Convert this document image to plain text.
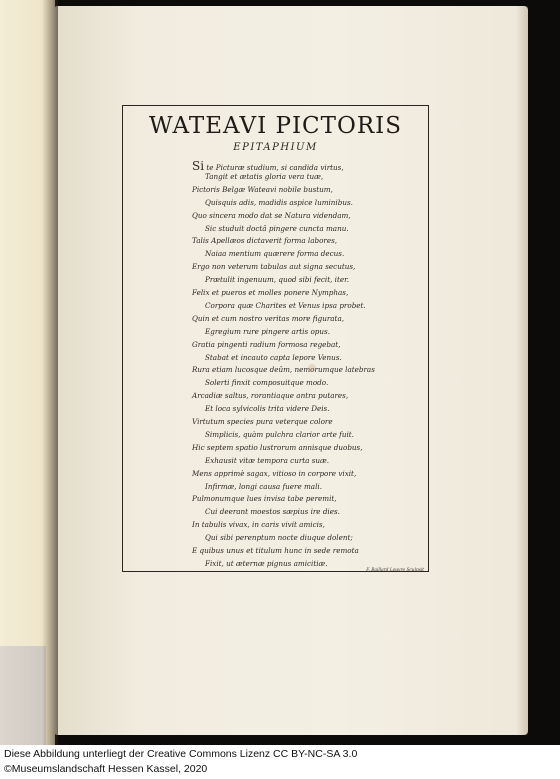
WATEAVI PICTORIS
EPITAPHIUM
Si te Picturæ studium, si candida virtus,
Tangit et ætatis gloria vera tuæ,
Pictoris Belgæ Wateavi nobile bustum,
Quisquis adis, madidis aspice luminibus.
Quo sincera modo dat se Natura videndam,
Sic studuit doctâ pingere cuncta manu.
Talis Apellæos dictaverit forma labores,
Naiaa mentium quærere forma decus.
Ergo non veterum tabulas aut signa secutus,
Prætulit ingenuum, quod sibi fecit, iter.
Felix et pueros et molles ponere Nymphas,
Corpora quæ Charites et Venus ipsa probet.
Quin et cum nostro veritas more figurata,
Egregium rure pingere artis opus.
Gratia pingenti radium formosa regebat,
Stabat et incauto capta lepore Venus.
Rura etiam lucosque deûm, nemorumque latebras
Solerti finxit composuitque modo.
Arcadiæ saltus, rorantiaque antra putares,
Et loca sylvicolis trita videre Deis.
Virtutum species pura veterque colore
Simplicis, quàm pulchra clarior arte fuit.
Hic septem spatio lustrorum annisque duobus,
Exhausit vitæ tempora curta suæ.
Mens apprimè sagax, vitioso in corpore vixit,
Infirmæ, longi causa fuere mali.
Pulmonumque lues invisa tabe peremit,
Cui deerant moestos sæpius ire dies.
In tabulis vivax, in caris vivit amicis,
Qui sibi perenptum nocte diuque dolent;
E quibus unus et titulum hunc in sede remota
Fixit, ut æternæ pignus amicitiæ.
F. Baillard Louvre Sculpsit
Diese Abbildung unterliegt der Creative Commons Lizenz CC BY-NC-SA 3.0
©Museumslandschaft Hessen Kassel, 2020
